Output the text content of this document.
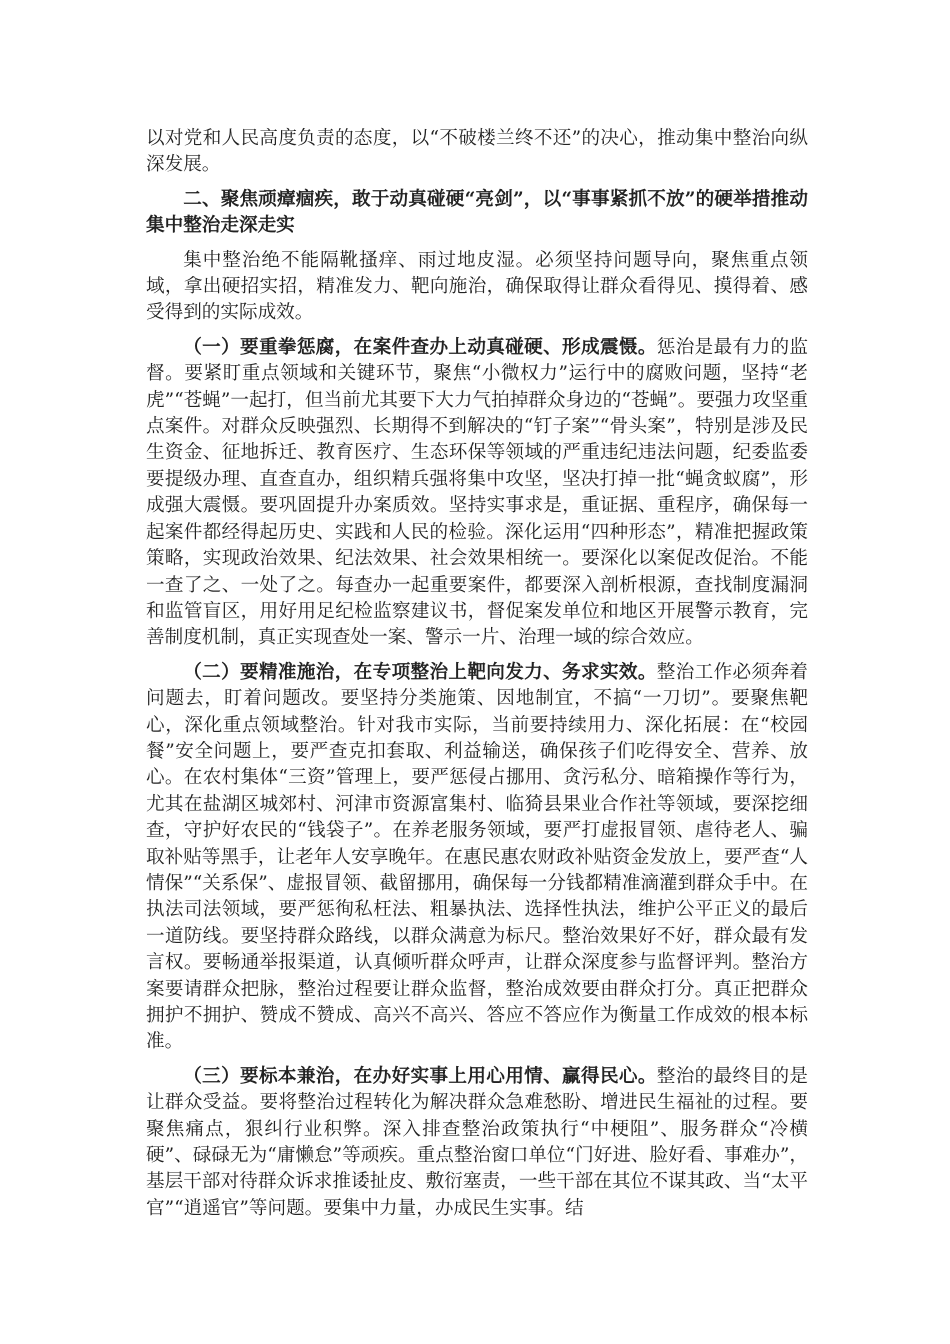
以对党和人民高度负责的态度，以“不破楼兰终不还”的决心，推动集中整治向纵深发展。

二、聚焦顽瘴痼疾，敢于动真碰硬“亮剑”，以“事事紧抓不放”的硬举措推动集中整治走深走实

集中整治绝不能隔靴搔痒、雨过地皮湿。必须坚持问题导向，聚焦重点领域，拿出硬招实招，精准发力、靶向施治，确保取得让群众看得见、摸得着、感受得到的实际成效。

（一）要重拳惩腐，在案件查办上动真碰硬、形成震慑。惩治是最有力的监督。要紧盯重点领域和关键环节，聚焦“小微权力”运行中的腐败问题，坚持“老虎”“苍蝇”一起打，但当前尤其要下大力气拍掉群众身边的“苍蝇”。要强力攻坚重点案件。对群众反映强烈、长期得不到解决的“钉子案”“骨头案”，特别是涉及民生资金、征地拆迁、教育医疗、生态环保等领域的严重违纪违法问题，纪委监委要提级办理、直查直办，组织精兵强将集中攻坚，坚决打掉一批“蝇贪蚁腐”，形成强大震慑。要巩固提升办案质效。坚持实事求是，重证据、重程序，确保每一起案件都经得起历史、实践和人民的检验。深化运用“四种形态”，精准把握政策策略，实现政治效果、纪法效果、社会效果相统一。要深化以案促改促治。不能一查了之、一处了之。每查办一起重要案件，都要深入剖析根源，查找制度漏洞和监管盲区，用好用足纪检监察建议书，督促案发单位和地区开展警示教育，完善制度机制，真正实现查处一案、警示一片、治理一域的综合效应。

（二）要精准施治，在专项整治上靶向发力、务求实效。整治工作必须奔着问题去，盯着问题改。要坚持分类施策、因地制宜，不搞“一刀切”。要聚焦靶心，深化重点领域整治。针对我市实际，当前要持续用力、深化拓展：在“校园餐”安全问题上，要严查克扣套取、利益输送，确保孩子们吃得安全、营养、放心。在农村集体“三资”管理上，要严惩侵占挪用、贪污私分、暗箱操作等行为，尤其在盐湖区城郊村、河津市资源富集村、临猗县果业合作社等领域，要深挖细查，守护好农民的“钱袋子”。在养老服务领域，要严打虚报冒领、虐待老人、骗取补贴等黑手，让老年人安享晚年。在惠民惠农财政补贴资金发放上，要严查“人情保”“关系保”、虚报冒领、截留挪用，确保每一分钱都精准滴灌到群众手中。在执法司法领域，要严惩徇私枉法、粗暴执法、选择性执法，维护公平正义的最后一道防线。要坚持群众路线，以群众满意为标尺。整治效果好不好，群众最有发言权。要畅通举报渠道，认真倾听群众呼声，让群众深度参与监督评判。整治方案要请群众把脉，整治过程要让群众监督，整治成效要由群众打分。真正把群众拥护不拥护、赞成不赞成、高兴不高兴、答应不答应作为衡量工作成效的根本标准。

（三）要标本兼治，在办好实事上用心用情、赢得民心。整治的最终目的是让群众受益。要将整治过程转化为解决群众急难愁盼、增进民生福祉的过程。要聚焦痛点，狠纠行业积弊。深入排查整治政策执行“中梗阻”、服务群众“冷横硬”、碌碌无为“庸懒怠”等顽疾。重点整治窗口单位“门好进、脸好看、事难办”，基层干部对待群众诉求推诿扯皮、敷衍塞责，一些干部在其位不谋其政、当“太平官”“逍遥官”等问题。要集中力量，办成民生实事。结
